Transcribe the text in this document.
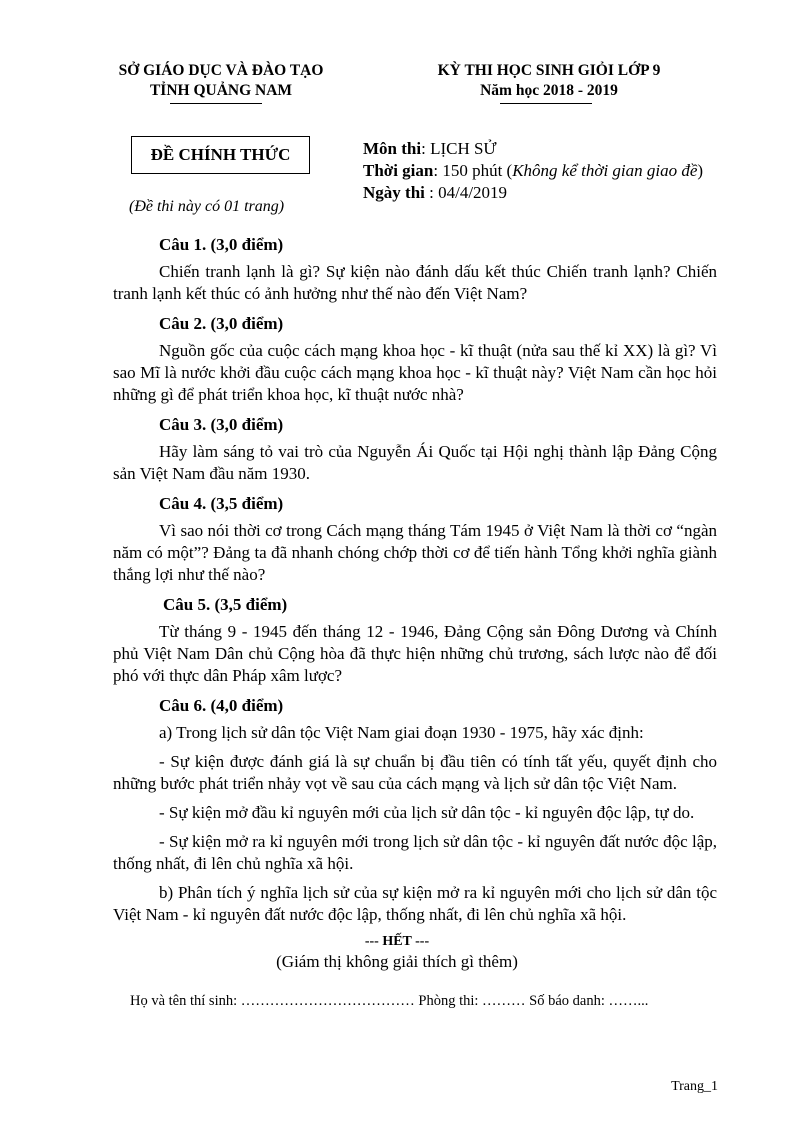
SỞ GIÁO DỤC VÀ ĐÀO TẠO
TỈNH QUẢNG NAM
KỲ THI HỌC SINH GIỎI LỚP 9
Năm học 2018 - 2019
ĐỀ CHÍNH THỨC
(Đề thi này có 01 trang)
Môn thi: LỊCH SỬ
Thời gian: 150 phút (Không kể thời gian giao đề)
Ngày thi : 04/4/2019
Câu 1. (3,0 điểm)
Chiến tranh lạnh là gì? Sự kiện nào đánh dấu kết thúc Chiến tranh lạnh? Chiến tranh lạnh kết thúc có ảnh hưởng như thế nào đến Việt Nam?
Câu 2. (3,0 điểm)
Nguồn gốc của cuộc cách mạng khoa học - kĩ thuật (nửa sau thế kỉ XX) là gì? Vì sao Mĩ là nước khởi đầu cuộc cách mạng khoa học - kĩ thuật này? Việt Nam cần học hỏi những gì để phát triển khoa học, kĩ thuật nước nhà?
Câu 3. (3,0 điểm)
Hãy làm sáng tỏ vai trò của Nguyễn Ái Quốc tại Hội nghị thành lập Đảng Cộng sản Việt Nam đầu năm 1930.
Câu 4. (3,5 điểm)
Vì sao nói thời cơ trong Cách mạng tháng Tám 1945 ở Việt Nam là thời cơ “ngàn năm có một”? Đảng ta đã nhanh chóng chớp thời cơ để tiến hành Tổng khởi nghĩa giành thắng lợi như thế nào?
Câu 5. (3,5 điểm)
Từ tháng 9 - 1945 đến tháng 12 - 1946, Đảng Cộng sản Đông Dương và Chính phủ Việt Nam Dân chủ Cộng hòa đã thực hiện những chủ trương, sách lược nào để đối phó với thực dân Pháp xâm lược?
Câu 6. (4,0 điểm)
a) Trong lịch sử dân tộc Việt Nam giai đoạn 1930 - 1975, hãy xác định:
- Sự kiện được đánh giá là sự chuẩn bị đầu tiên có tính tất yếu, quyết định cho những bước phát triển nhảy vọt về sau của cách mạng và lịch sử dân tộc Việt Nam.
- Sự kiện mở đầu kỉ nguyên mới của lịch sử dân tộc - kỉ nguyên độc lập, tự do.
- Sự kiện mở ra kỉ nguyên mới trong lịch sử dân tộc - kỉ nguyên đất nước độc lập, thống nhất, đi lên chủ nghĩa xã hội.
b) Phân tích ý nghĩa lịch sử của sự kiện mở ra kỉ nguyên mới cho lịch sử dân tộc Việt Nam - kỉ nguyên đất nước độc lập, thống nhất, đi lên chủ nghĩa xã hội.
--- HẾT ---
(Giám thị không giải thích gì thêm)
Họ và tên thí sinh: ……………………………… Phòng thi: ……… Số báo danh: ……...
Trang_1
